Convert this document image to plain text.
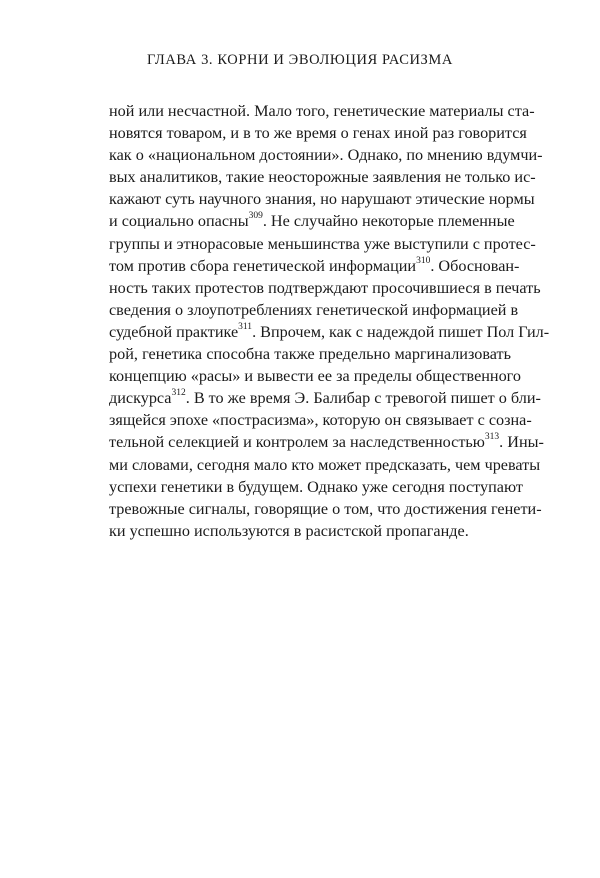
ГЛАВА 3. КОРНИ И ЭВОЛЮЦИЯ РАСИЗМА
ной или несчастной. Мало того, генетические материалы ста-
новятся товаром, и в то же время о генах иной раз говорится
как о «национальном достоянии». Однако, по мнению вдумчи-
вых аналитиков, такие неосторожные заявления не только ис-
кажают суть научного знания, но нарушают этические нормы
и социально опасны$^{309}$. Не случайно некоторые племенные
группы и этнорасовые меньшинства уже выступили с протес-
том против сбора генетической информации$^{310}$. Обоснован-
ность таких протестов подтверждают просочившиеся в печать
сведения о злоупотреблениях генетической информацией в
судебной практике$^{311}$. Впрочем, как с надеждой пишет Пол Гил-
рой, генетика способна также предельно маргинализовать
концепцию «расы» и вывести ее за пределы общественного
дискурса$^{312}$. В то же время Э. Балибар с тревогой пишет о бли-
зящейся эпохе «пострасизма», которую он связывает с созна-
тельной селекцией и контролем за наследственностью$^{313}$. Ины-
ми словами, сегодня мало кто может предсказать, чем чреваты
успехи генетики в будущем. Однако уже сегодня поступают
тревожные сигналы, говорящие о том, что достижения генети-
ки успешно используются в расистской пропаганде.
